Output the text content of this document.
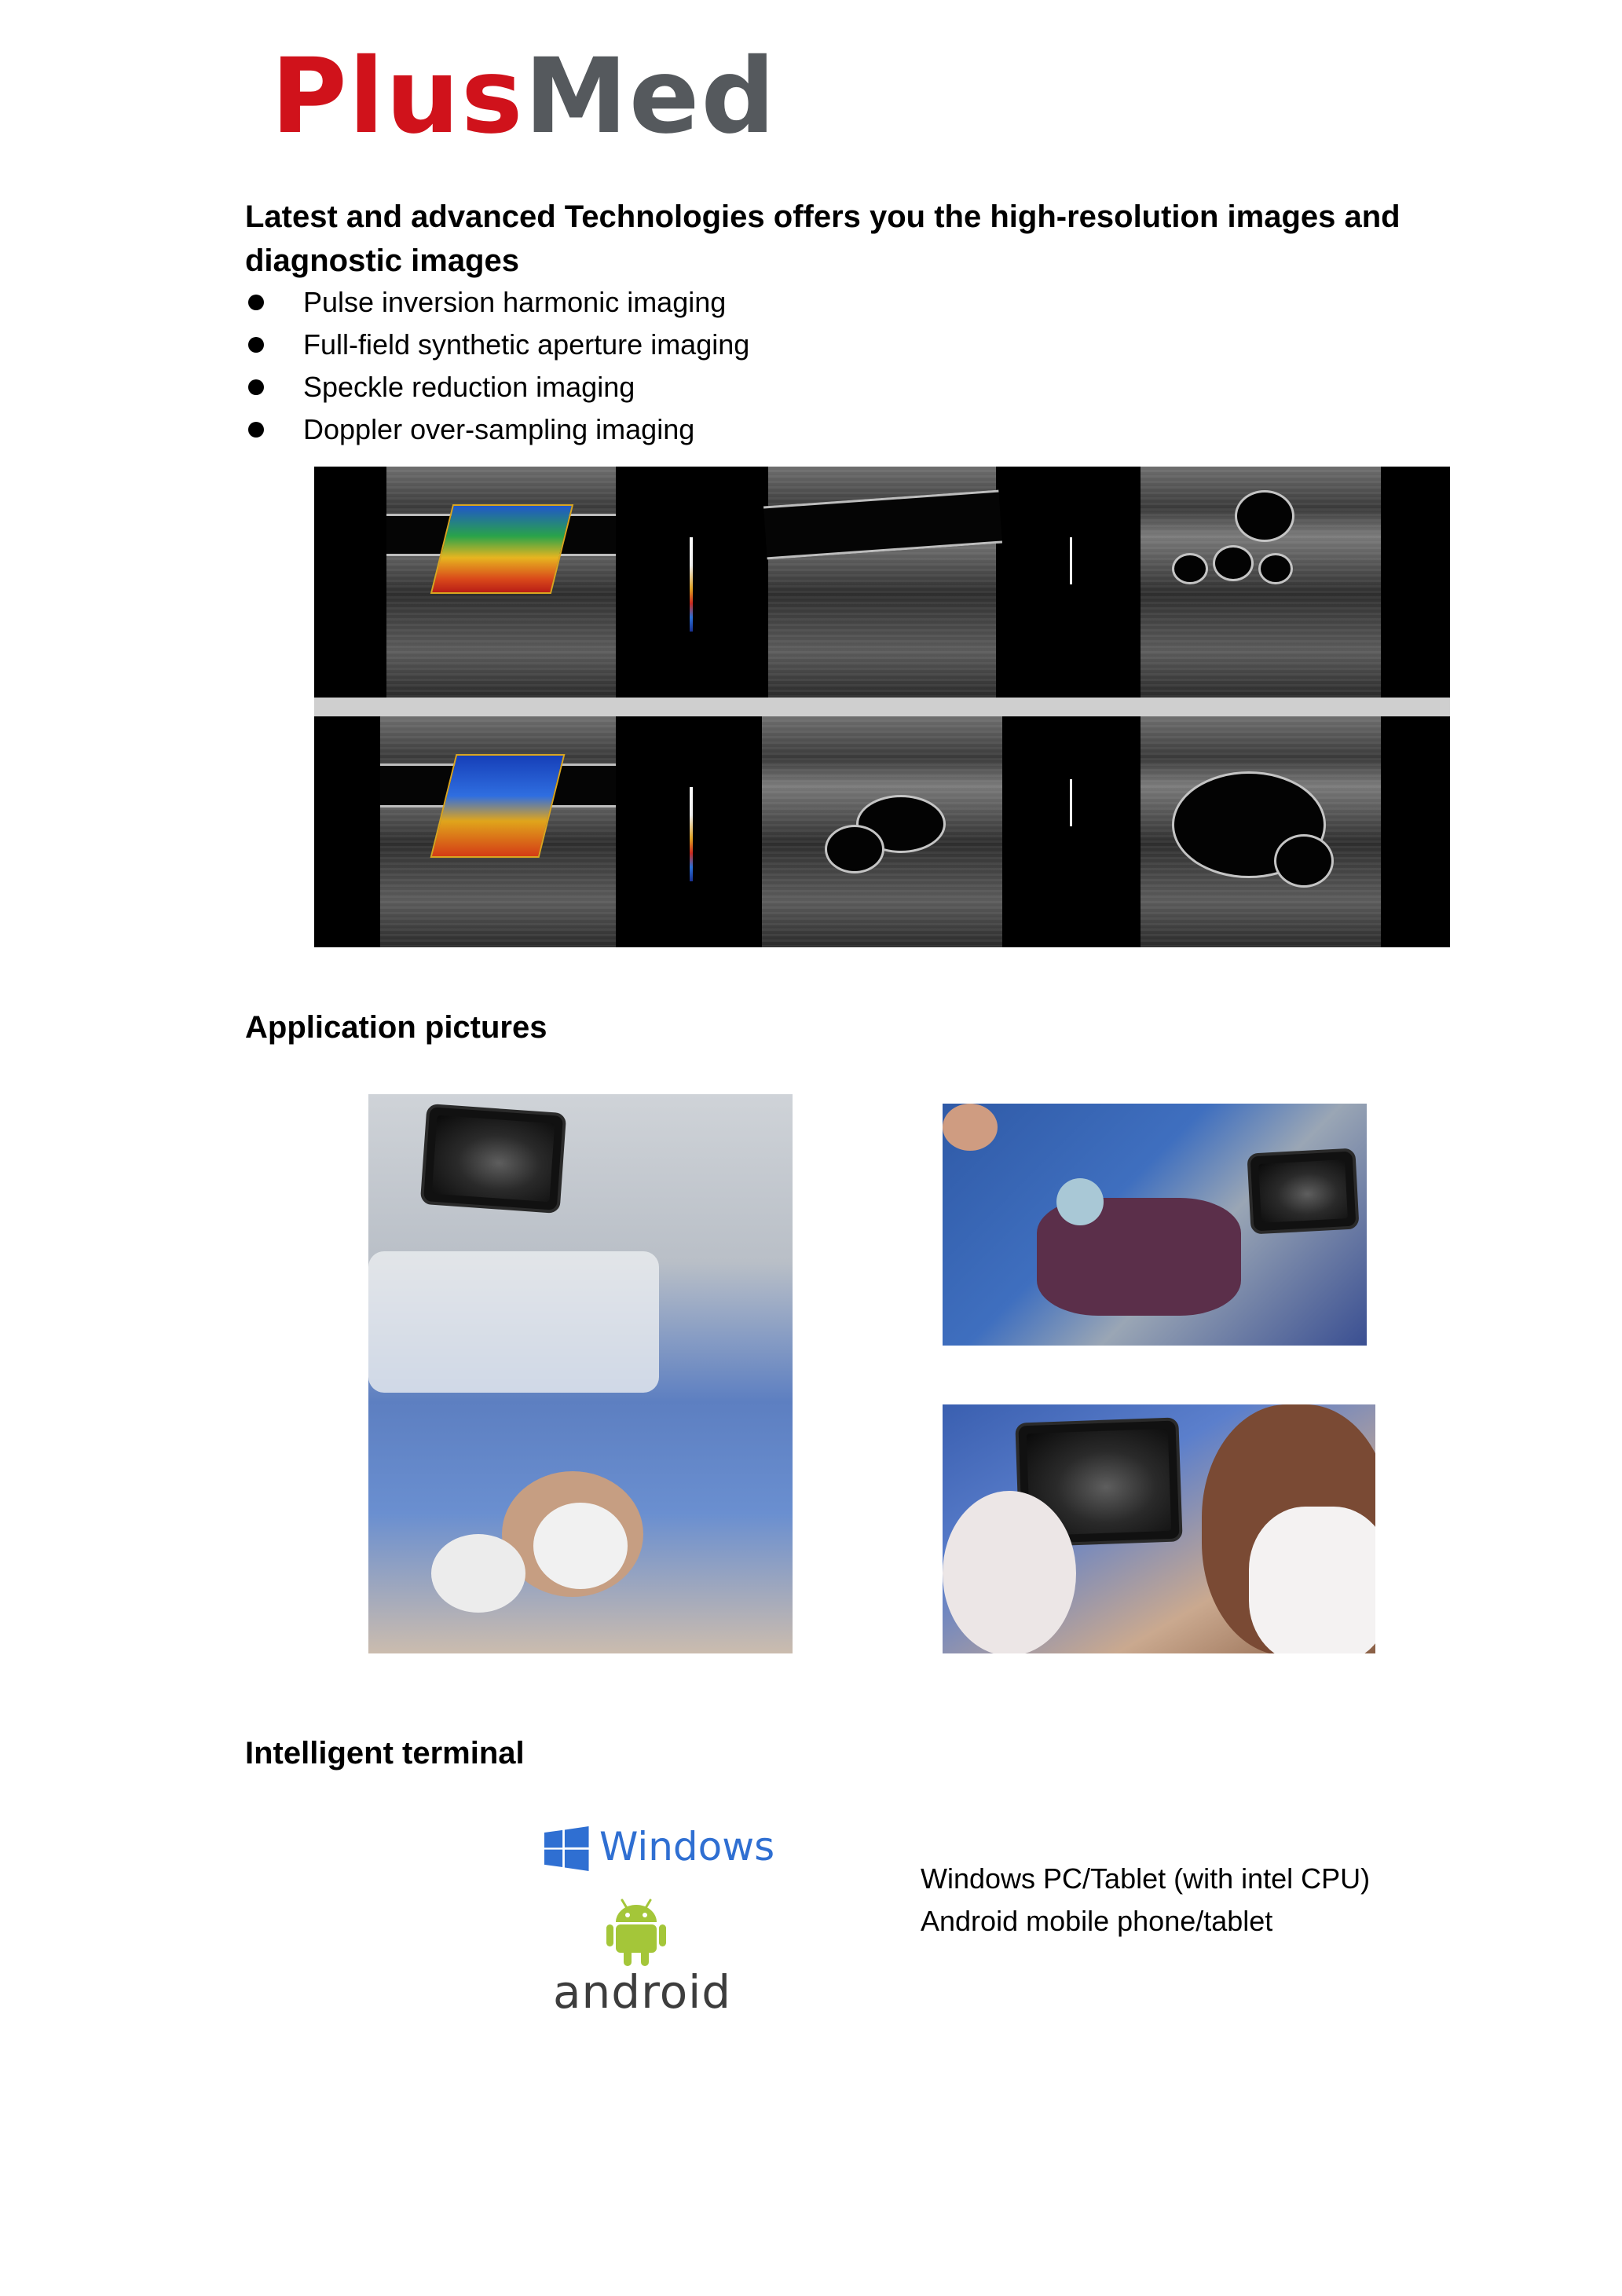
PlusMed
Latest and advanced Technologies offers you the high-resolution images and diagnostic images
Pulse inversion harmonic imaging
Full-field synthetic aperture imaging
Speckle reduction imaging
Doppler over-sampling imaging
Application pictures
Intelligent terminal
Windows
android
Windows PC/Tablet (with intel CPU)
Android mobile phone/tablet
